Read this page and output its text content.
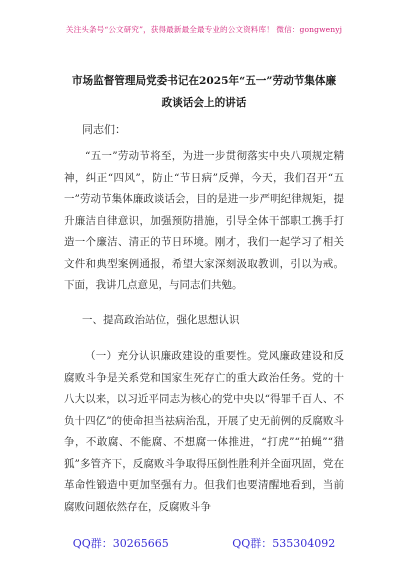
关注头条号“公文研究”，获得最新最全最专业的公文资料库！ 微信：gongwenyj
市场监督管理局党委书记在2025年“五一”劳动节集体廉
政谈话会上的讲话
同志们：
“五一”劳动节将至，为进一步贯彻落实中央八项规定精神，纠正“四风”，防止“节日病”反弹，今天，我们召开“五一”劳动节集体廉政谈话会，目的是进一步严明纪律规矩，提升廉洁自律意识，加强预防措施，引导全体干部职工携手打造一个廉洁、清正的节日环境。刚才，我们一起学习了相关文件和典型案例通报，希望大家深刻汲取教训，引以为戒。下面，我讲几点意见，与同志们共勉。
一、提高政治站位，强化思想认识
（一）充分认识廉政建设的重要性。党风廉政建设和反腐败斗争是关系党和国家生死存亡的重大政治任务。党的十八大以来，以习近平同志为核心的党中央以“得罪千百人、不负十四亿”的使命担当祛病治乱，开展了史无前例的反腐败斗争，不敢腐、不能腐、不想腐一体推进，“打虎”“拍蝇”“猎狐”多管齐下，反腐败斗争取得压倒性胜利并全面巩固，党在革命性锻造中更加坚强有力。但我们也要清醒地看到，当前腐败问题依然存在，反腐败斗争
QQ群：30265665	QQ群：535304092
